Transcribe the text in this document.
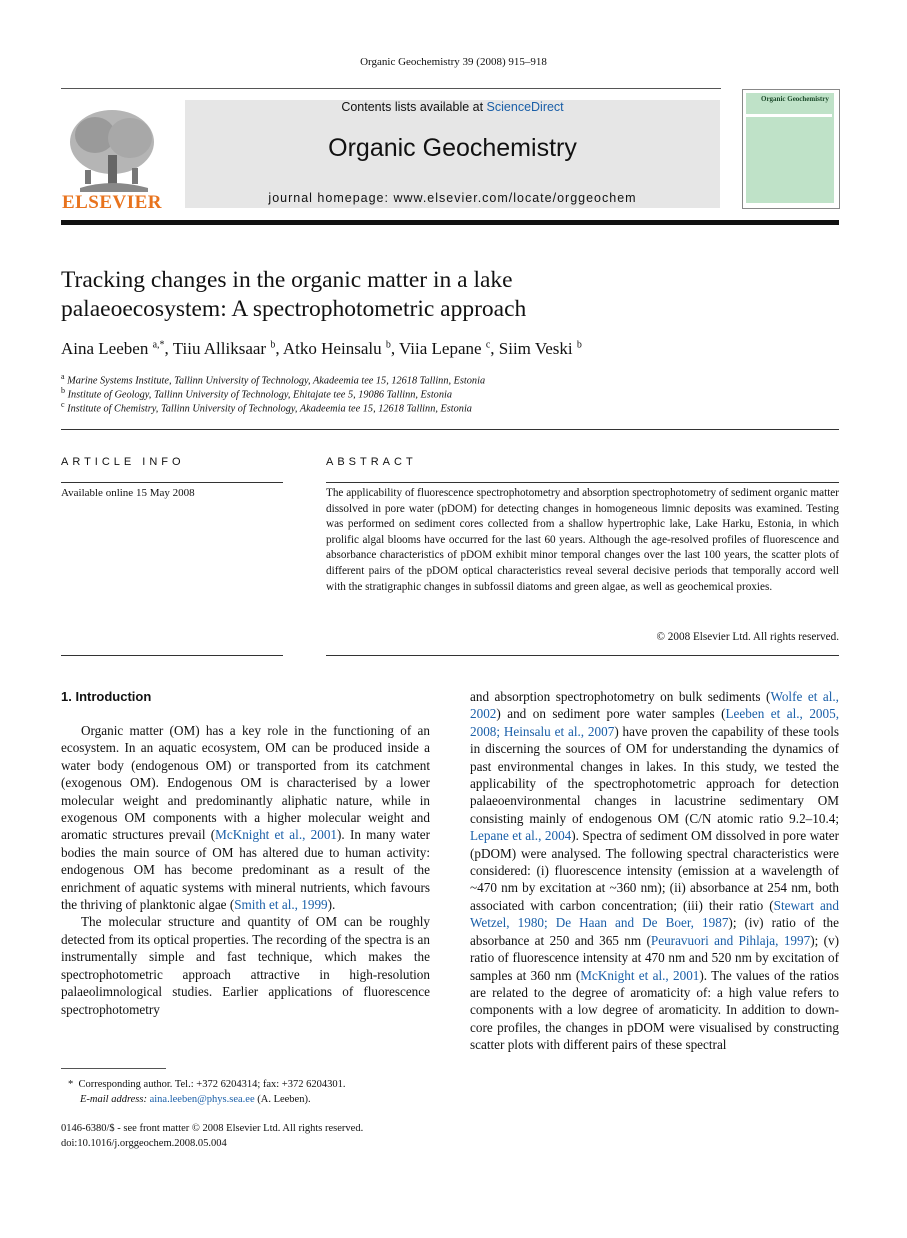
Organic Geochemistry 39 (2008) 915–918
ELSEVIER
Contents lists available at ScienceDirect
Organic Geochemistry
journal homepage: www.elsevier.com/locate/orggeochem
Organic Geochemistry
Tracking changes in the organic matter in a lake
palaeoecosystem: A spectrophotometric approach
Aina Leeben $^{a,*}$, Tiiu Alliksaar $^b$, Atko Heinsalu $^b$, Viia Lepane $^c$, Siim Veski $^b$
$^a$ Marine Systems Institute, Tallinn University of Technology, Akadeemia tee 15, 12618 Tallinn, Estonia
$^b$ Institute of Geology, Tallinn University of Technology, Ehitajate tee 5, 19086 Tallinn, Estonia
$^c$ Institute of Chemistry, Tallinn University of Technology, Akadeemia tee 15, 12618 Tallinn, Estonia
ARTICLE INFO
Available online 15 May 2008
ABSTRACT
The applicability of fluorescence spectrophotometry and absorption spectrophotometry of sediment organic matter dissolved in pore water (pDOM) for detecting changes in homogeneous limnic deposits was examined. Testing was performed on sediment cores collected from a shallow hypertrophic lake, Lake Harku, Estonia, in which prolific algal blooms have occurred for the last 60 years. Although the age-resolved profiles of fluorescence and absorbance characteristics of pDOM exhibit minor temporal changes over the last 100 years, the scatter plots of different pairs of the pDOM optical characteristics reveal several decisive periods that temporally accord well with the stratigraphic changes in subfossil diatoms and green algae, as well as geochemical proxies.
© 2008 Elsevier Ltd. All rights reserved.
1. Introduction

Organic matter (OM) has a key role in the functioning of an ecosystem. In an aquatic ecosystem, OM can be produced inside a water body (endogenous OM) or transported from its catchment (exogenous OM). Endogenous OM is characterised by a lower molecular weight and predominantly aliphatic nature, while in exogenous OM components with a higher molecular weight and aromatic structures prevail (McKnight et al., 2001). In many water bodies the main source of OM has altered due to human activity: endogenous OM has become predominant as a result of the enrichment of aquatic systems with mineral nutrients, which favours the thriving of planktonic algae (Smith et al., 1999).

The molecular structure and quantity of OM can be roughly detected from its optical properties. The recording of the spectra is an instrumentally simple and fast technique, which makes the spectrophotometric approach attractive in high-resolution palaeolimnological studies. Earlier applications of fluorescence spectrophotometry

and absorption spectrophotometry on bulk sediments (Wolfe et al., 2002) and on sediment pore water samples (Leeben et al., 2005, 2008; Heinsalu et al., 2007) have proven the capability of these tools in discerning the sources of OM for understanding the dynamics of past environmental changes in lakes. In this study, we tested the applicability of the spectrophotometric approach for detection palaeoenvironmental changes in lacustrine sedimentary OM consisting mainly of endogenous OM (C/N atomic ratio 9.2–10.4; Lepane et al., 2004). Spectra of sediment OM dissolved in pore water (pDOM) were analysed. The following spectral characteristics were considered: (i) fluorescence intensity (emission at a wavelength of ~470 nm by excitation at ~360 nm); (ii) absorbance at 254 nm, both associated with carbon concentration; (iii) their ratio (Stewart and Wetzel, 1980; De Haan and De Boer, 1987); (iv) ratio of the absorbance at 250 and 365 nm (Peuravuori and Pihlaja, 1997); (v) ratio of fluorescence intensity at 470 nm and 520 nm by excitation of samples at 360 nm (McKnight et al., 2001). The values of the ratios are related to the degree of aromaticity of: a high value refers to components with a low degree of aromaticity. In addition to down-core profiles, the changes in pDOM were visualised by constructing scatter plots with different pairs of these spectral

* Corresponding author. Tel.: +372 6204314; fax: +372 6204301.
E-mail address: aina.leeben@phys.sea.ee (A. Leeben).
0146-6380/$ - see front matter © 2008 Elsevier Ltd. All rights reserved.
doi:10.1016/j.orggeochem.2008.05.004
